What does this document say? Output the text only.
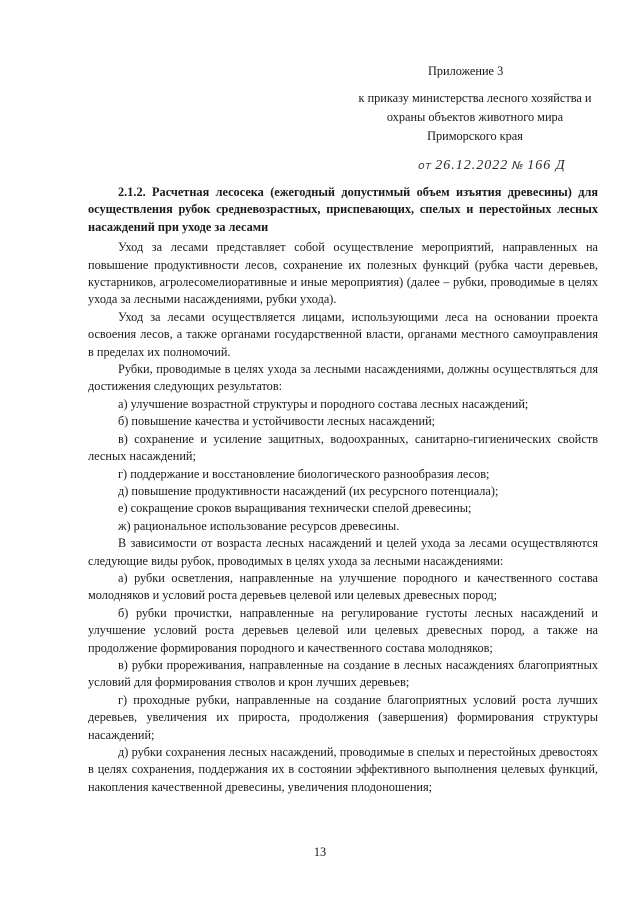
Приложение 3
к приказу министерства лесного хозяйства и
охраны объектов животного мира
Приморского края
от 26.12.2022 № 166 Д
2.1.2. Расчетная лесосека (ежегодный допустимый объем изъятия древесины) для осуществления рубок средневозрастных, приспевающих, спелых и перестойных лесных насаждений при уходе за лесами

Уход за лесами представляет собой осуществление мероприятий, направленных на повышение продуктивности лесов, сохранение их полезных функций (рубка части деревьев, кустарников, агролесомелиоративные и иные мероприятия) (далее – рубки, проводимые в целях ухода за лесными насаждениями, рубки ухода).

Уход за лесами осуществляется лицами, использующими леса на основании проекта освоения лесов, а также органами государственной власти, органами местного самоуправления в пределах их полномочий.

Рубки, проводимые в целях ухода за лесными насаждениями, должны осуществляться для достижения следующих результатов:

а) улучшение возрастной структуры и породного состава лесных насаждений;

б) повышение качества и устойчивости лесных насаждений;

в) сохранение и усиление защитных, водоохранных, санитарно-гигиенических свойств лесных насаждений;

г) поддержание и восстановление биологического разнообразия лесов;

д) повышение продуктивности насаждений (их ресурсного потенциала);

е) сокращение сроков выращивания технически спелой древесины;

ж) рациональное использование ресурсов древесины.

В зависимости от возраста лесных насаждений и целей ухода за лесами осуществляются следующие виды рубок, проводимых в целях ухода за лесными насаждениями:

а) рубки осветления, направленные на улучшение породного и качественного состава молодняков и условий роста деревьев целевой или целевых древесных пород;

б) рубки прочистки, направленные на регулирование густоты лесных насаждений и улучшение условий роста деревьев целевой или целевых древесных пород, а также на продолжение формирования породного и качественного состава молодняков;

в) рубки прореживания, направленные на создание в лесных насаждениях благоприятных условий для формирования стволов и крон лучших деревьев;

г) проходные рубки, направленные на создание благоприятных условий роста лучших деревьев, увеличения их прироста, продолжения (завершения) формирования структуры насаждений;

д) рубки сохранения лесных насаждений, проводимые в спелых и перестойных древостоях в целях сохранения, поддержания их в состоянии эффективного выполнения целевых функций, накопления качественной древесины, увеличения плодоношения;

13
